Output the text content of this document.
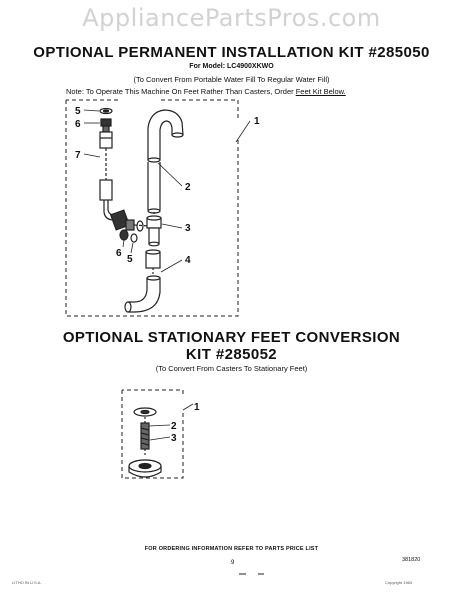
AppliancePartsPros.com
OPTIONAL PERMANENT INSTALLATION KIT #285050
For Model: LC4900XKWO
(To Convert From Portable Water Fill To Regular Water Fill)
Note: To Operate This Machine On Feet Rather Than Casters, Order Feet Kit Below.
1
2
3
4
5
6
7
5
6
1
2
3
OPTIONAL STATIONARY FEET CONVERSION
KIT #285052
(To Convert From Casters To Stationary Feet)
FOR ORDERING INFORMATION REFER TO PARTS PRICE LIST
381820
9
LITHO IN U.S.A.	Copyright 1983
